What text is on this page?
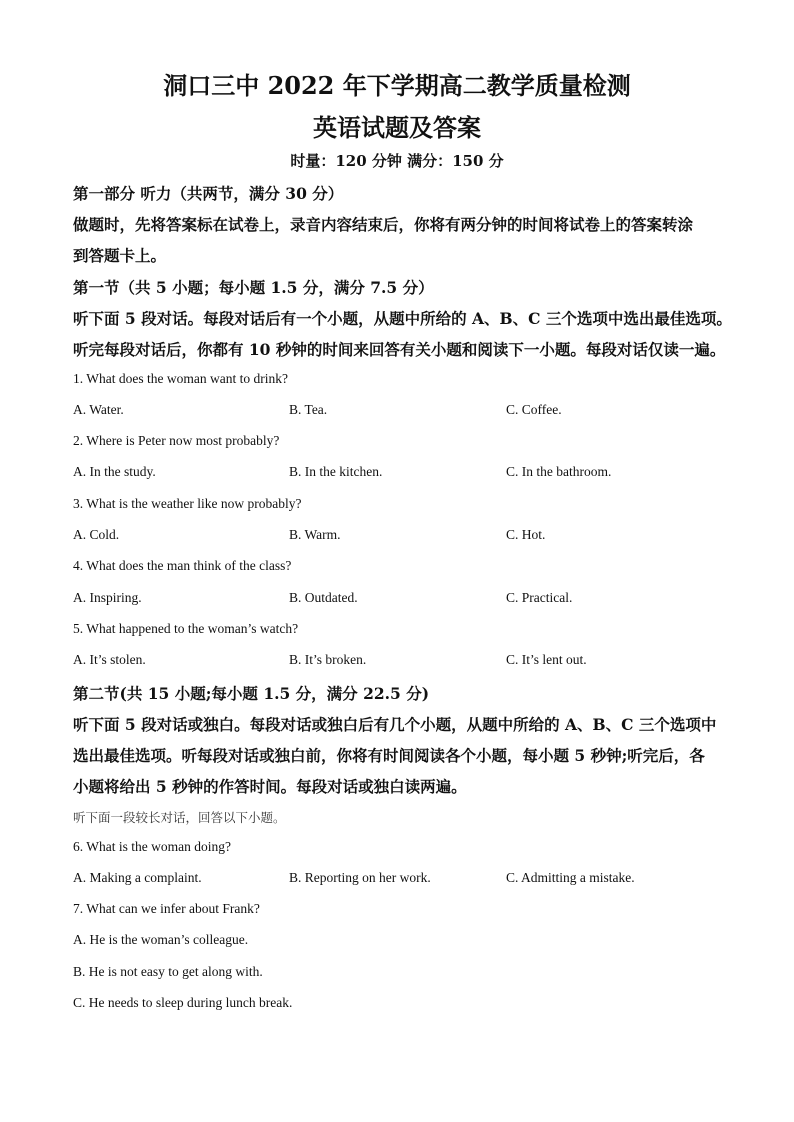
洞口三中 2022 年下学期高二教学质量检测
英语试题及答案
时量：120 分钟 满分：150 分
第一部分 听力（共两节，满分 30 分）
做题时，先将答案标在试卷上，录音内容结束后，你将有两分钟的时间将试卷上的答案转涂
到答题卡上。
第一节（共 5 小题；每小题 1.5 分，满分 7.5 分）
听下面 5 段对话。每段对话后有一个小题，从题中所给的 A、B、C 三个选项中选出最佳选项。
听完每段对话后，你都有 10 秒钟的时间来回答有关小题和阅读下一小题。每段对话仅读一遍。
1. What does the woman want to drink?
A. Water.	B. Tea.	C. Coffee.
2. Where is Peter now most probably?
A. In the study.	B. In the kitchen.	C. In the bathroom.
3. What is the weather like now probably?
A. Cold.	B. Warm.	C. Hot.
4. What does the man think of the class?
A. Inspiring.	B. Outdated.	C. Practical.
5. What happened to the woman’s watch?
A. It’s stolen.	B. It’s broken.	C. It’s lent out.
第二节(共 15 小题;每小题 1.5 分，满分 22.5 分)
听下面 5 段对话或独白。每段对话或独白后有几个小题，从题中所给的 A、B、C 三个选项中
选出最佳选项。听每段对话或独白前，你将有时间阅读各个小题，每小题 5 秒钟;听完后，各
小题将给出 5 秒钟的作答时间。每段对话或独白读两遍。
听下面一段较长对话，回答以下小题。
6. What is the woman doing?
A. Making a complaint.	B. Reporting on her work.	C. Admitting a mistake.
7. What can we infer about Frank?
A. He is the woman’s colleague.
B. He is not easy to get along with.
C. He needs to sleep during lunch break.
